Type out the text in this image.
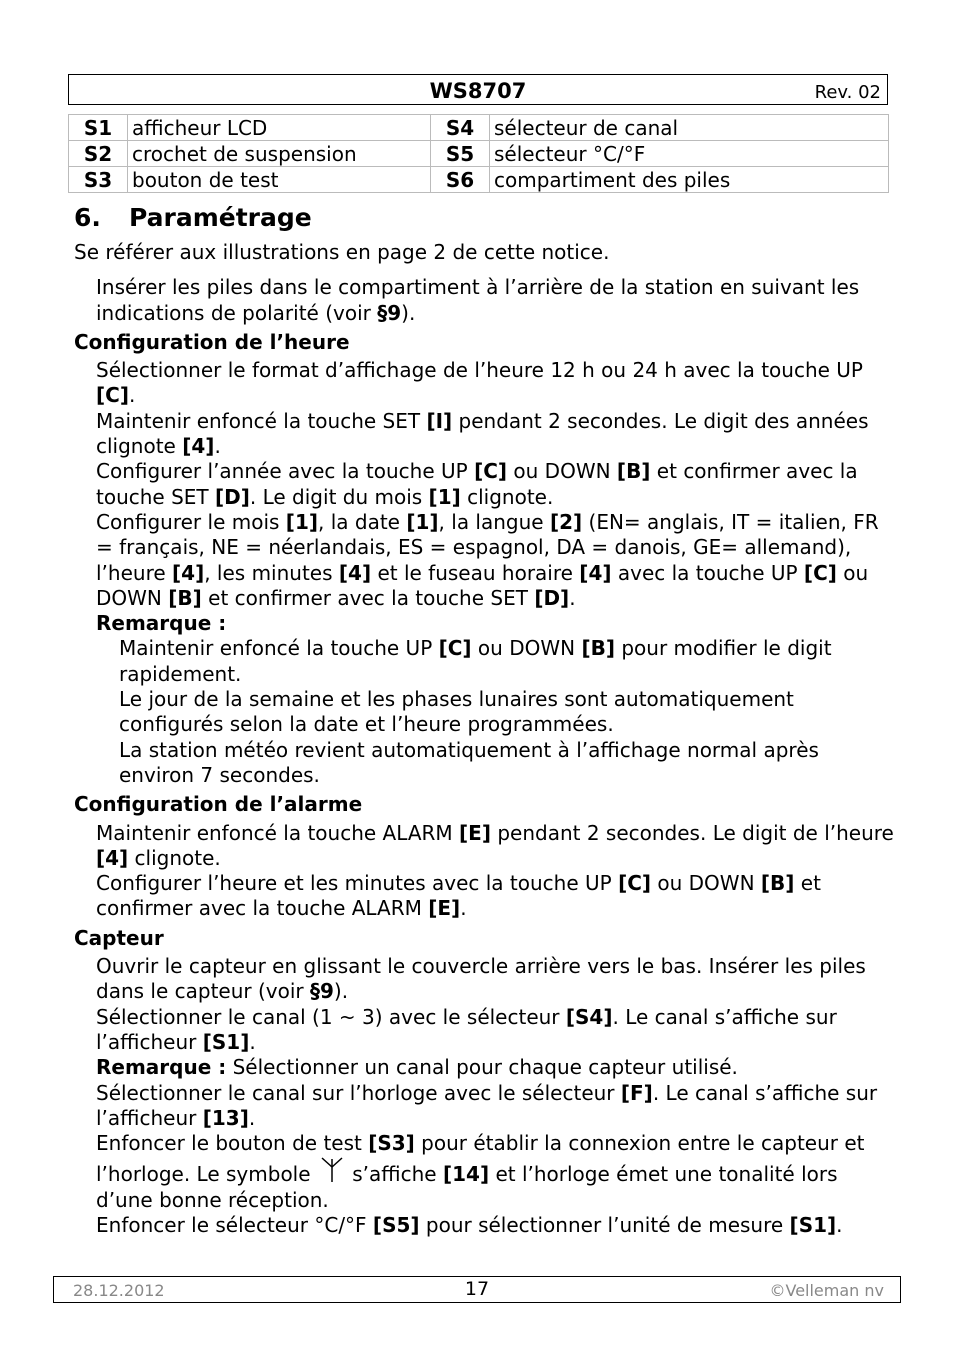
WS8707	Rev. 02
S1	afficheur LCD	S4	sélecteur de canal
S2	crochet de suspension	S5	sélecteur °C/°F
S3	bouton de test	S6	compartiment des piles
6. Paramétrage

Se référer aux illustrations en page 2 de cette notice.

Insérer les piles dans le compartiment à l’arrière de la station en suivant les indications de polarité (voir §9).

Configuration de l’heure

Sélectionner le format d’affichage de l’heure 12 h ou 24 h avec la touche UP [C].

Maintenir enfoncé la touche SET [I] pendant 2 secondes. Le digit des années clignote [4].

Configurer l’année avec la touche UP [C] ou DOWN [B] et confirmer avec la touche SET [D]. Le digit du mois [1] clignote.

Configurer le mois [1], la date [1], la langue [2] (EN= anglais, IT = italien, FR = français, NE = néerlandais, ES = espagnol, DA = danois, GE= allemand), l’heure [4], les minutes [4] et le fuseau horaire [4] avec la touche UP [C] ou DOWN [B] et confirmer avec la touche SET [D].

Remarque :

Maintenir enfoncé la touche UP [C] ou DOWN [B] pour modifier le digit rapidement.

Le jour de la semaine et les phases lunaires sont automatiquement configurés selon la date et l’heure programmées.

La station météo revient automatiquement à l’affichage normal après environ 7 secondes.

Configuration de l’alarme

Maintenir enfoncé la touche ALARM [E] pendant 2 secondes. Le digit de l’heure [4] clignote.

Configurer l’heure et les minutes avec la touche UP [C] ou DOWN [B] et confirmer avec la touche ALARM [E].

Capteur

Ouvrir le capteur en glissant le couvercle arrière vers le bas. Insérer les piles dans le capteur (voir §9).

Sélectionner le canal (1 ~ 3) avec le sélecteur [S4]. Le canal s’affiche sur l’afficheur [S1].

Remarque : Sélectionner un canal pour chaque capteur utilisé.

Sélectionner le canal sur l’horloge avec le sélecteur [F]. Le canal s’affiche sur l’afficheur [13].

Enfoncer le bouton de test [S3] pour établir la connexion entre le capteur et l’horloge. Le symbole  s’affiche [14] et l’horloge émet une tonalité lors d’une bonne réception.

Enfoncer le sélecteur °C/°F [S5] pour sélectionner l’unité de mesure [S1].

28.12.2012	17	©Velleman nv
